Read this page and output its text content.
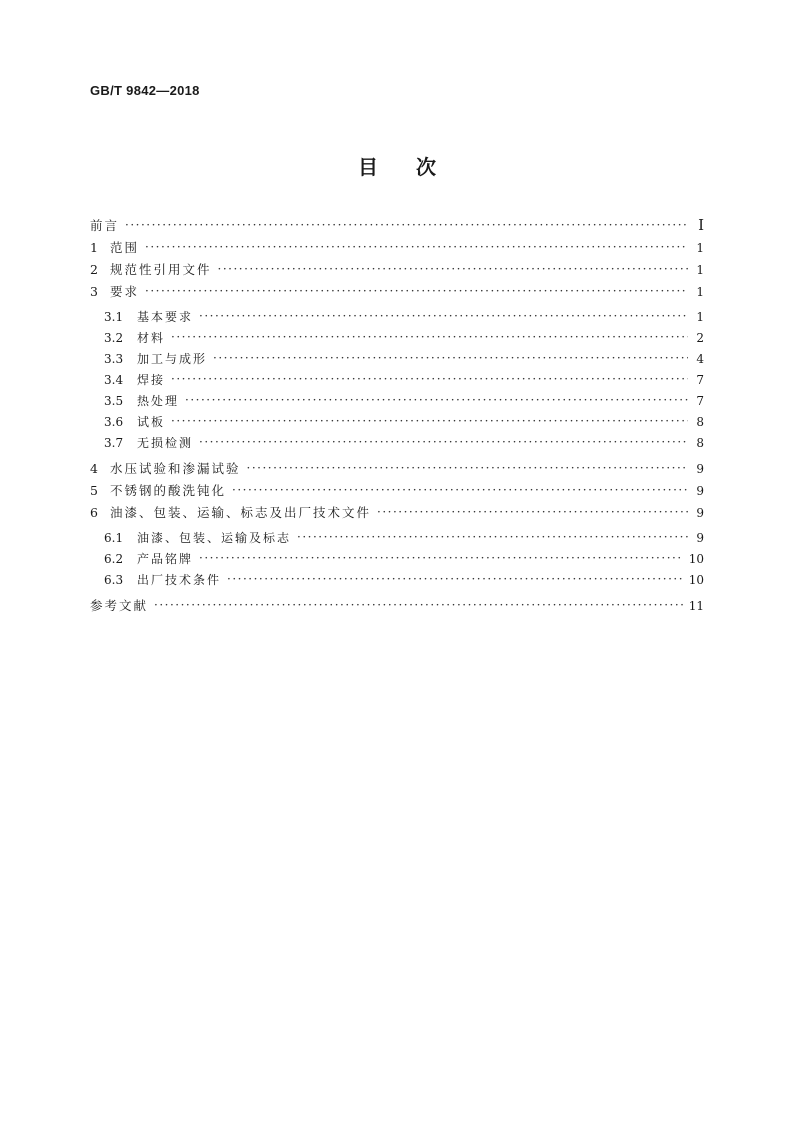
GB/T 9842—2018
目次
前言 ·····	Ⅰ
1 范围 ·····	1
2 规范性引用文件 ·····	1
3 要求 ·····	1
3.1	基本要求 ·····	1
3.2	材料 ·····	2
3.3	加工与成形 ·····	4
3.4	焊接 ·····	7
3.5	热处理 ·····	7
3.6	试板 ·····	8
3.7	无损检测 ·····	8
4 水压试验和渗漏试验 ·····	9
5 不锈钢的酸洗钝化 ·····	9
6 油漆、包装、运输、标志及出厂技术文件 ·····	9
6.1	油漆、包装、运输及标志 ·····	9
6.2	产品铭牌 ·····	10
6.3	出厂技术条件 ·····	10
参考文献 ·····	11
